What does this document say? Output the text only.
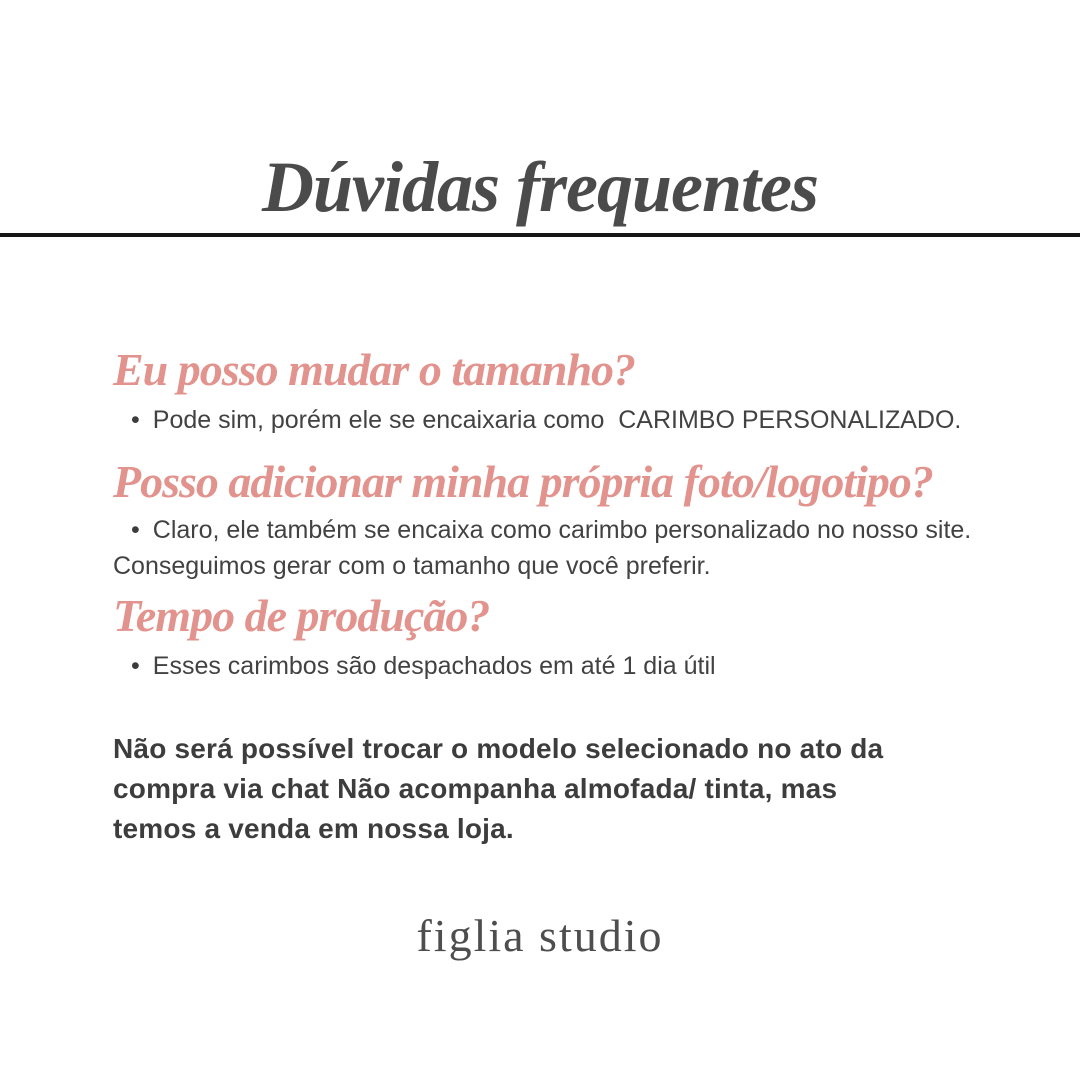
Dúvidas frequentes
Eu posso mudar o tamanho?

• Pode sim, porém ele se encaixaria como  CARIMBO PERSONALIZADO.

Posso adicionar minha própria foto/logotipo?

• Claro, ele também se encaixa como carimbo personalizado no nosso site. Conseguimos gerar com o tamanho que você preferir.

Tempo de produção?

• Esses carimbos são despachados em até 1 dia útil

Não será possível trocar o modelo selecionado no ato da compra via chat Não acompanha almofada/ tinta, mas temos a venda em nossa loja.

figlia studio
